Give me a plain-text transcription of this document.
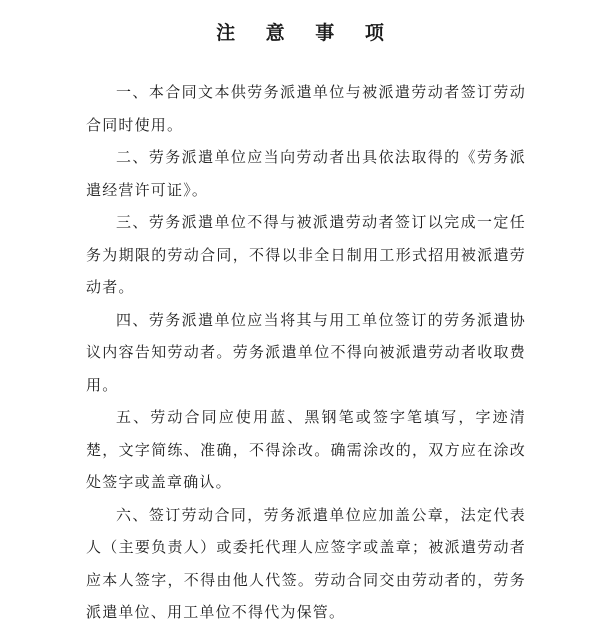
注 意 事 项

一、本合同文本供劳务派遣单位与被派遣劳动者签订劳动合同时使用。

二、劳务派遣单位应当向劳动者出具依法取得的《劳务派遣经营许可证》。

三、劳务派遣单位不得与被派遣劳动者签订以完成一定任务为期限的劳动合同，不得以非全日制用工形式招用被派遣劳动者。

四、劳务派遣单位应当将其与用工单位签订的劳务派遣协议内容告知劳动者。劳务派遣单位不得向被派遣劳动者收取费用。

五、劳动合同应使用蓝、黑钢笔或签字笔填写，字迹清楚，文字简练、准确，不得涂改。确需涂改的，双方应在涂改处签字或盖章确认。

六、签订劳动合同，劳务派遣单位应加盖公章，法定代表人（主要负责人）或委托代理人应签字或盖章；被派遣劳动者应本人签字，不得由他人代签。劳动合同交由劳动者的，劳务派遣单位、用工单位不得代为保管。
